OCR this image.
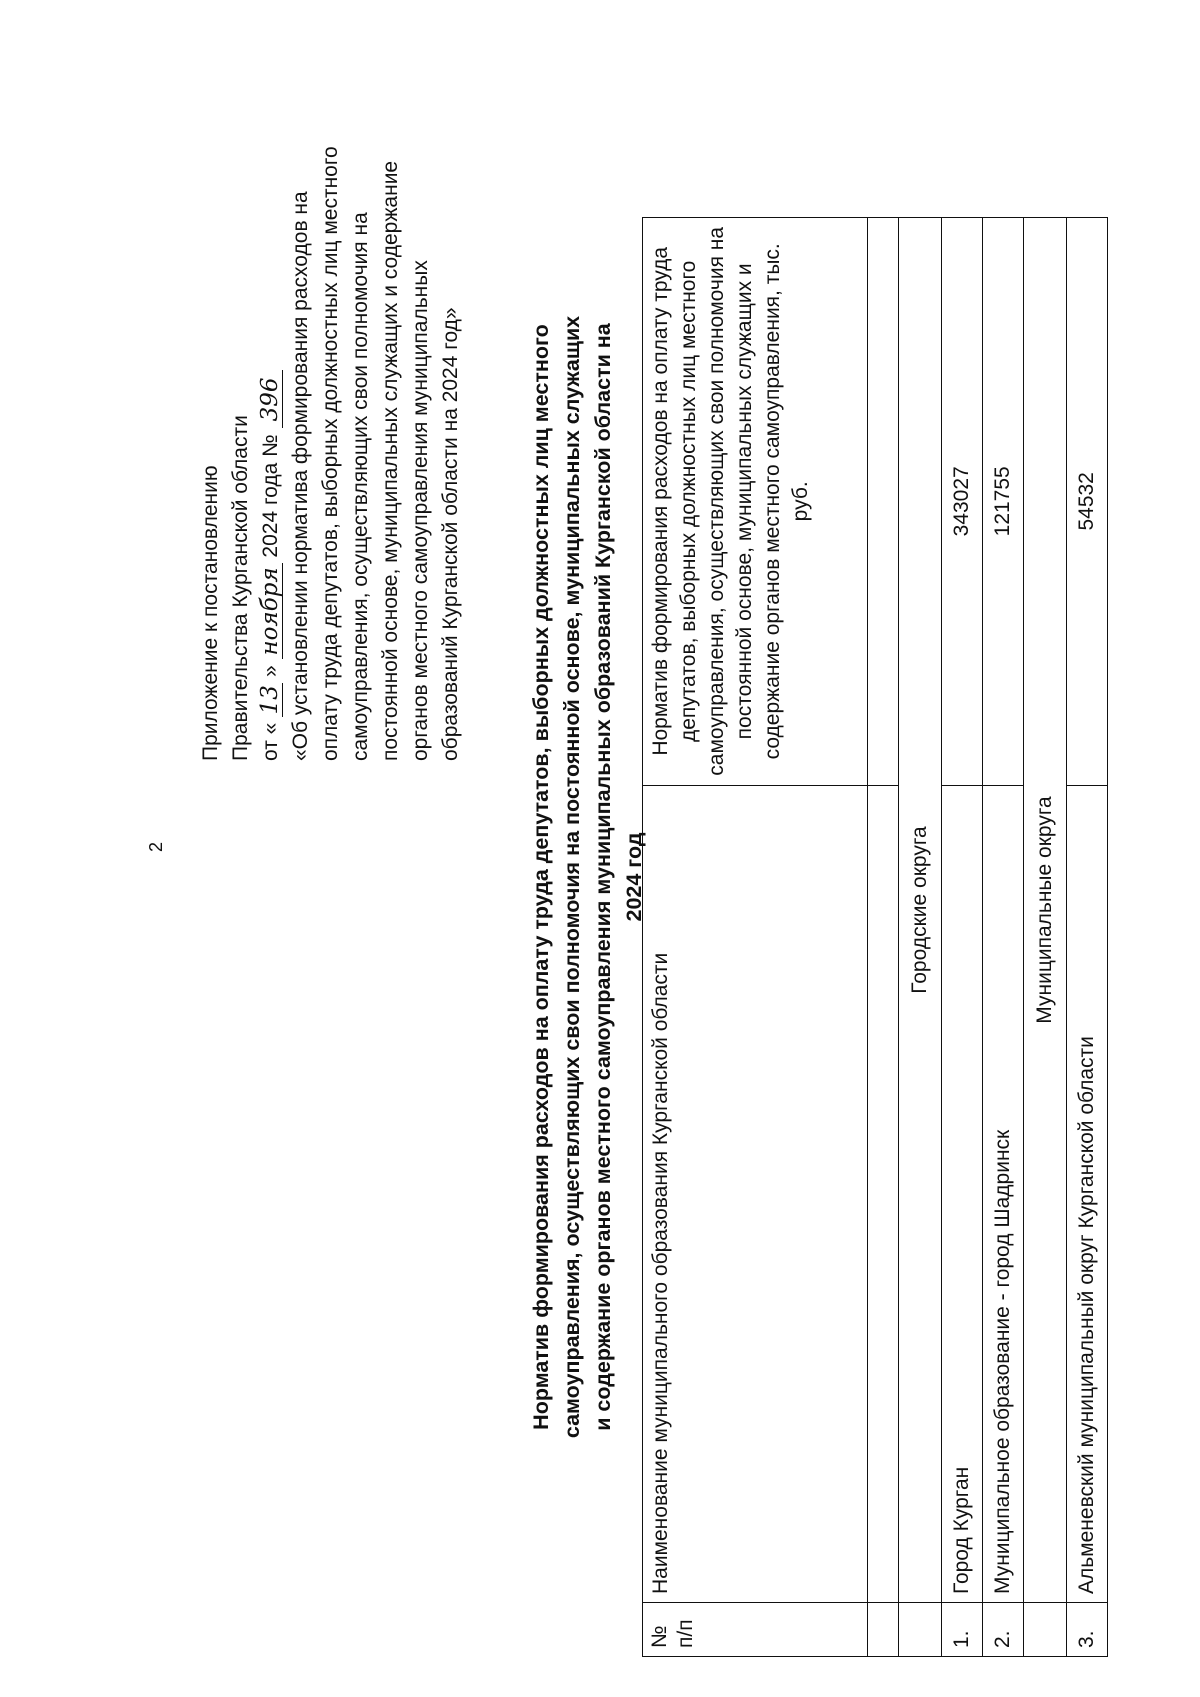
2
Приложение к постановлению Правительства Курганской области от « 13 » ноября 2024 года № 396 «Об установлении норматива формирования расходов на оплату труда депутатов, выборных должностных лиц местного самоуправления, осуществляющих свои полномочия на постоянной основе, муниципальных служащих и содержание органов местного самоуправления муниципальных образований Курганской области на 2024 год»	Норматив формирования расходов на оплату труда депутатов, выборных должностных лиц местного самоуправления, осуществляющих свои полномочия на постоянной основе, муниципальных служащих и содержание органов местного самоуправления муниципальных образований Курганской области на 2024 год
№ п/п	Наименование муниципального образования Курганской области	Норматив формирования расходов на оплату труда депутатов, выборных должностных лиц местного самоуправления, осуществляющих свои полномочия на постоянной основе, муниципальных служащих и содержание органов местного самоуправления, тыс. руб.

	Городские округа	
1.	Город Курган	343027
2.	Муниципальное образование - город Шадринск	121755
	Муниципальные округа	
3.	Альменевский муниципальный округ Курганской области	54532
